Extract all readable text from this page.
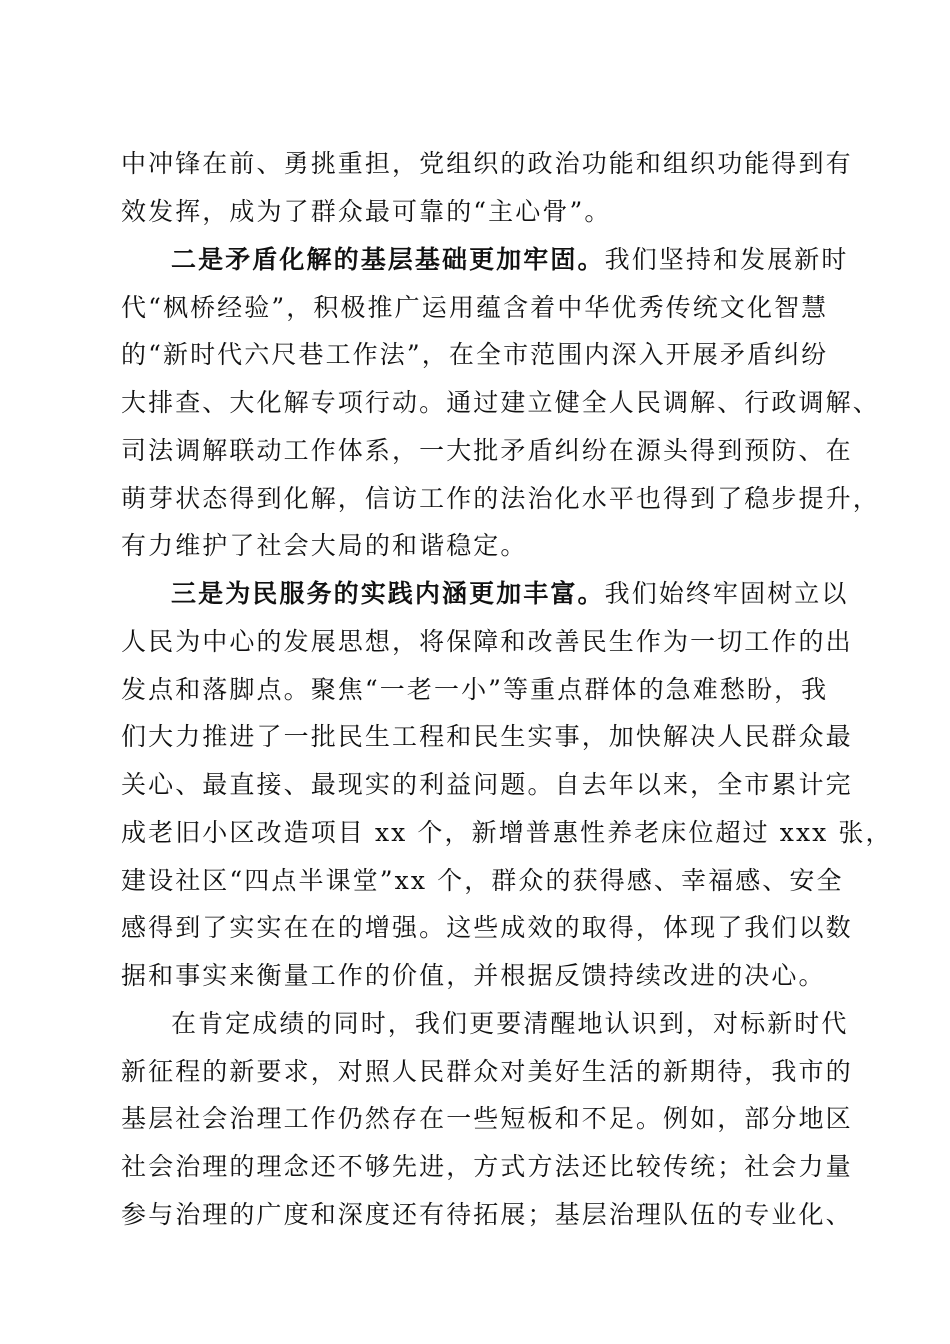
中冲锋在前、勇挑重担，党组织的政治功能和组织功能得到有
效发挥，成为了群众最可靠的“主心骨”。
二是矛盾化解的基层基础更加牢固。我们坚持和发展新时
代“枫桥经验”，积极推广运用蕴含着中华优秀传统文化智慧
的“新时代六尺巷工作法”，在全市范围内深入开展矛盾纠纷
大排查、大化解专项行动。通过建立健全人民调解、行政调解、
司法调解联动工作体系，一大批矛盾纠纷在源头得到预防、在
萌芽状态得到化解，信访工作的法治化水平也得到了稳步提升，
有力维护了社会大局的和谐稳定。
三是为民服务的实践内涵更加丰富。我们始终牢固树立以
人民为中心的发展思想，将保障和改善民生作为一切工作的出
发点和落脚点。聚焦“一老一小”等重点群体的急难愁盼，我
们大力推进了一批民生工程和民生实事，加快解决人民群众最
关心、最直接、最现实的利益问题。自去年以来，全市累计完
成老旧小区改造项目 xx 个，新增普惠性养老床位超过 xxx 张，
建设社区“四点半课堂”xx 个，群众的获得感、幸福感、安全
感得到了实实在在的增强。这些成效的取得，体现了我们以数
据和事实来衡量工作的价值，并根据反馈持续改进的决心。
在肯定成绩的同时，我们更要清醒地认识到，对标新时代
新征程的新要求，对照人民群众对美好生活的新期待，我市的
基层社会治理工作仍然存在一些短板和不足。例如，部分地区
社会治理的理念还不够先进，方式方法还比较传统；社会力量
参与治理的广度和深度还有待拓展；基层治理队伍的专业化、
